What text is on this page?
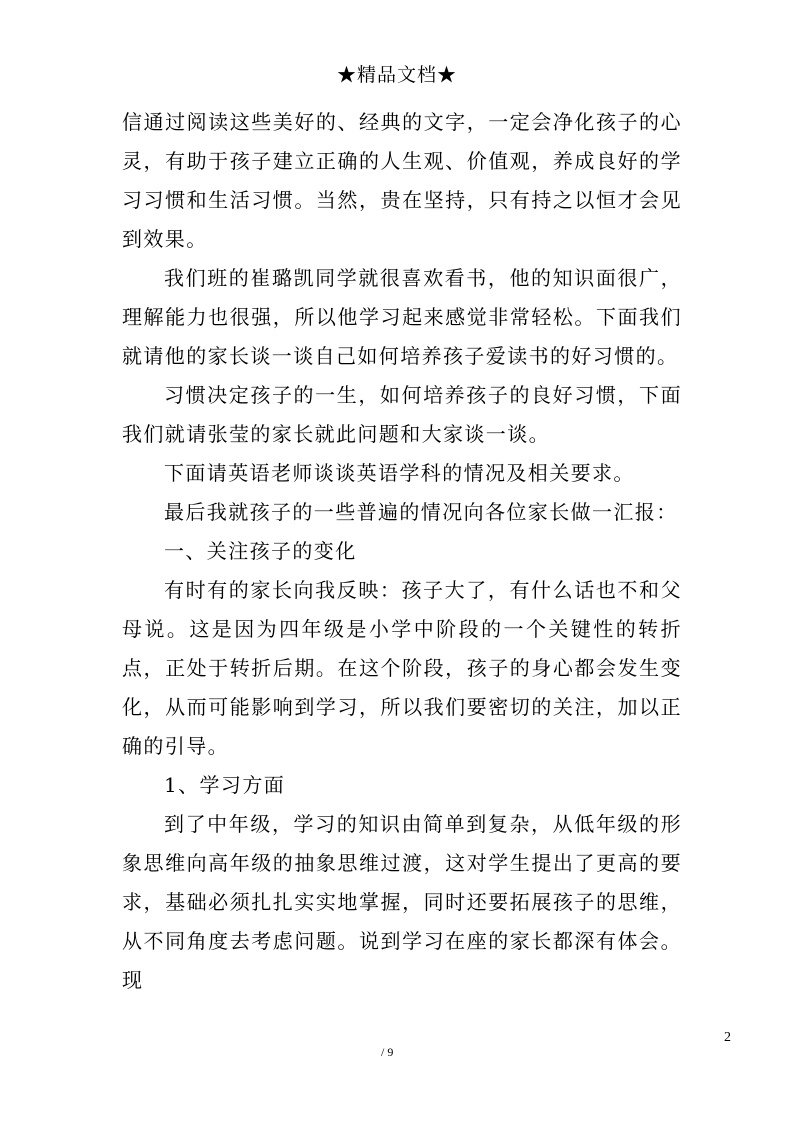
★精品文档★

信通过阅读这些美好的、经典的文字，一定会净化孩子的心灵，有助于孩子建立正确的人生观、价值观，养成良好的学习习惯和生活习惯。当然，贵在坚持，只有持之以恒才会见到效果。

我们班的崔璐凯同学就很喜欢看书，他的知识面很广，理解能力也很强，所以他学习起来感觉非常轻松。下面我们就请他的家长谈一谈自己如何培养孩子爱读书的好习惯的。

习惯决定孩子的一生，如何培养孩子的良好习惯，下面我们就请张莹的家长就此问题和大家谈一谈。

下面请英语老师谈谈英语学科的情况及相关要求。

最后我就孩子的一些普遍的情况向各位家长做一汇报：

一、关注孩子的变化

有时有的家长向我反映：孩子大了，有什么话也不和父母说。这是因为四年级是小学中阶段的一个关键性的转折点，正处于转折后期。在这个阶段，孩子的身心都会发生变化，从而可能影响到学习，所以我们要密切的关注，加以正确的引导。

1、学习方面

到了中年级，学习的知识由简单到复杂，从低年级的形象思维向高年级的抽象思维过渡，这对学生提出了更高的要求，基础必须扎扎实实地掌握，同时还要拓展孩子的思维，从不同角度去考虑问题。说到学习在座的家长都深有体会。现

2
/ 9
